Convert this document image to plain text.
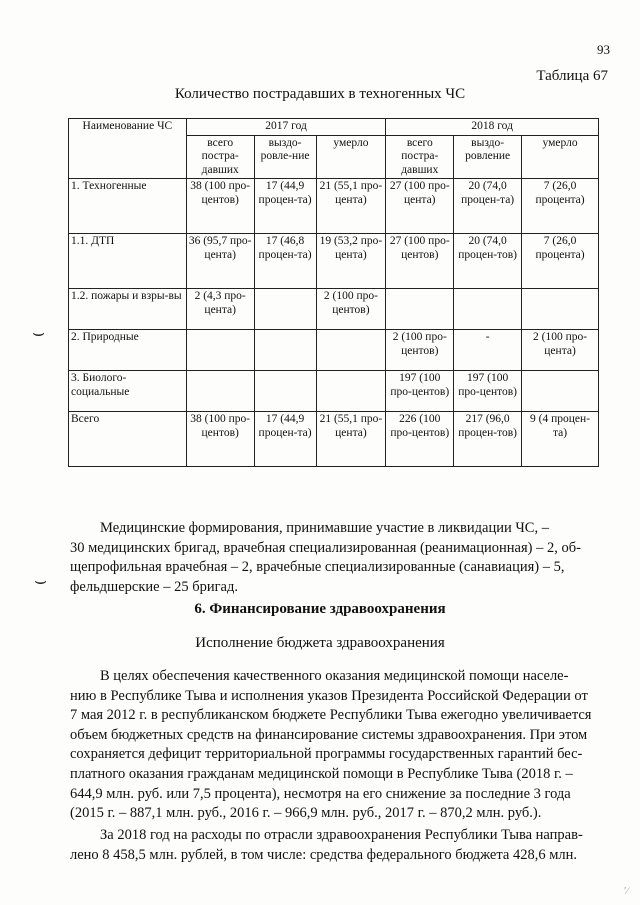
93
Таблица 67
Количество пострадавших в техногенных ЧС
Наименование ЧС	2017 год			2018 год		
	всего постра-давших	выздо-ровле-ние	умерло	всего постра-давших	выздо-ровление	умерло
1. Техногенные	38 (100 про-центов)	17 (44,9 процен-та)	21 (55,1 про-цента)	27 (100 про-цента)	20 (74,0 процен-та)	7 (26,0 процента)
1.1. ДТП	36 (95,7 про-цента)	17 (46,8 процен-та)	19 (53,2 про-цента)	27 (100 про-центов)	20 (74,0 процен-тов)	7 (26,0 процента)
1.2. пожары и взры-вы	2 (4,3 про-цента)		2 (100 про-центов)			
2. Природные				2 (100 про-центов)	-	2 (100 про-цента)
3. Биолого-социальные				197 (100 про-центов)	197 (100 про-центов)	
Всего	38 (100 про-центов)	17 (44,9 процен-та)	21 (55,1 про-цента)	226 (100 про-центов)	217 (96,0 процен-тов)	9 (4 процен-та)
⌣
⌣
Медицинские формирования, принимавшие участие в ликвидации ЧС, –
30 медицинских бригад, врачебная специализированная (реанимационная) – 2, об-
щепрофильная врачебная – 2, врачебные специализированные (санавиация) – 5,
фельдшерские – 25 бригад.
6. Финансирование здравоохранения
Исполнение бюджета здравоохранения
В целях обеспечения качественного оказания медицинской помощи населе-
нию в Республике Тыва и исполнения указов Президента Российской Федерации от
7 мая 2012 г. в республиканском бюджете Республики Тыва ежегодно увеличивается
объем бюджетных средств на финансирование системы здравоохранения. При этом
сохраняется дефицит территориальной программы государственных гарантий бес-
платного оказания гражданам медицинской помощи в Республике Тыва (2018 г. –
644,9 млн. руб. или 7,5 процента), несмотря на его снижение за последние 3 года
(2015 г. – 887,1 млн. руб., 2016 г. – 966,9 млн. руб., 2017 г. – 870,2 млн. руб.).
За 2018 год на расходы по отрасли здравоохранения Республики Тыва направ-
лено 8 458,5 млн. рублей, в том числе: средства федерального бюджета 428,6 млн.
′∕
